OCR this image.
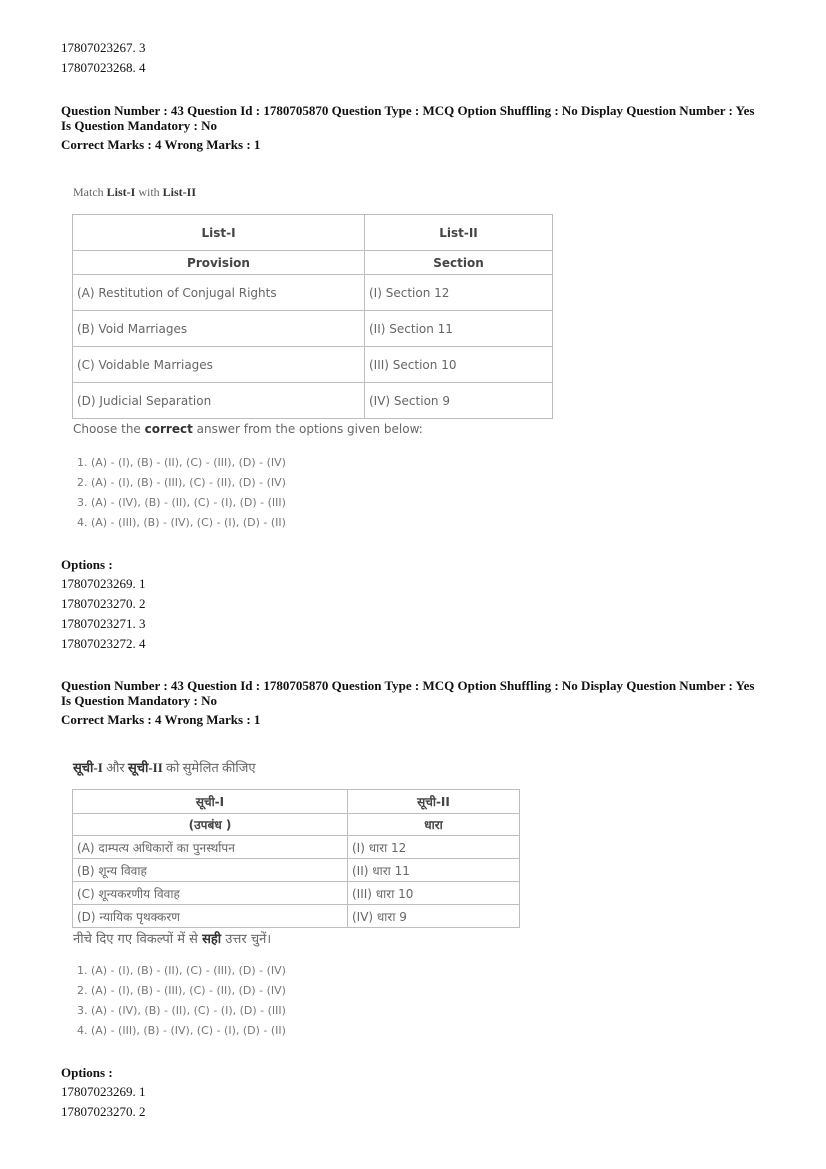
17807023267. 3
17807023268. 4
Question Number : 43 Question Id : 1780705870 Question Type : MCQ Option Shuffling : No Display Question Number : Yes
Is Question Mandatory : No
Correct Marks : 4 Wrong Marks : 1
Match List-I with List-II
List-I	List-II
Provision	Section
(A) Restitution of Conjugal Rights	(I) Section 12
(B) Void Marriages	(II) Section 11
(C) Voidable Marriages	(III) Section 10
(D) Judicial Separation	(IV) Section 9
Choose the correct answer from the options given below:
1. (A) - (I), (B) - (II), (C) - (III), (D) - (IV)
2. (A) - (I), (B) - (III), (C) - (II), (D) - (IV)
3. (A) - (IV), (B) - (II), (C) - (I), (D) - (III)
4. (A) - (III), (B) - (IV), (C) - (I), (D) - (II)
Options :
17807023269. 1
17807023270. 2
17807023271. 3
17807023272. 4
Question Number : 43 Question Id : 1780705870 Question Type : MCQ Option Shuffling : No Display Question Number : Yes
Is Question Mandatory : No
Correct Marks : 4 Wrong Marks : 1
सूची-I और सूची-II को सुमेलित कीजिए
सूची-I	सूची-II
(उपबंध )	धारा
(A) दाम्पत्य अधिकारों का पुनर्स्थापन	(I) धारा 12
(B) शून्य विवाह	(II) धारा 11
(C) शून्यकरणीय विवाह	(III) धारा 10
(D) न्यायिक पृथक्करण	(IV) धारा 9
नीचे दिए गए विकल्पों में से सही उत्तर चुनें।
1. (A) - (I), (B) - (II), (C) - (III), (D) - (IV)
2. (A) - (I), (B) - (III), (C) - (II), (D) - (IV)
3. (A) - (IV), (B) - (II), (C) - (I), (D) - (III)
4. (A) - (III), (B) - (IV), (C) - (I), (D) - (II)
Options :
17807023269. 1
17807023270. 2
